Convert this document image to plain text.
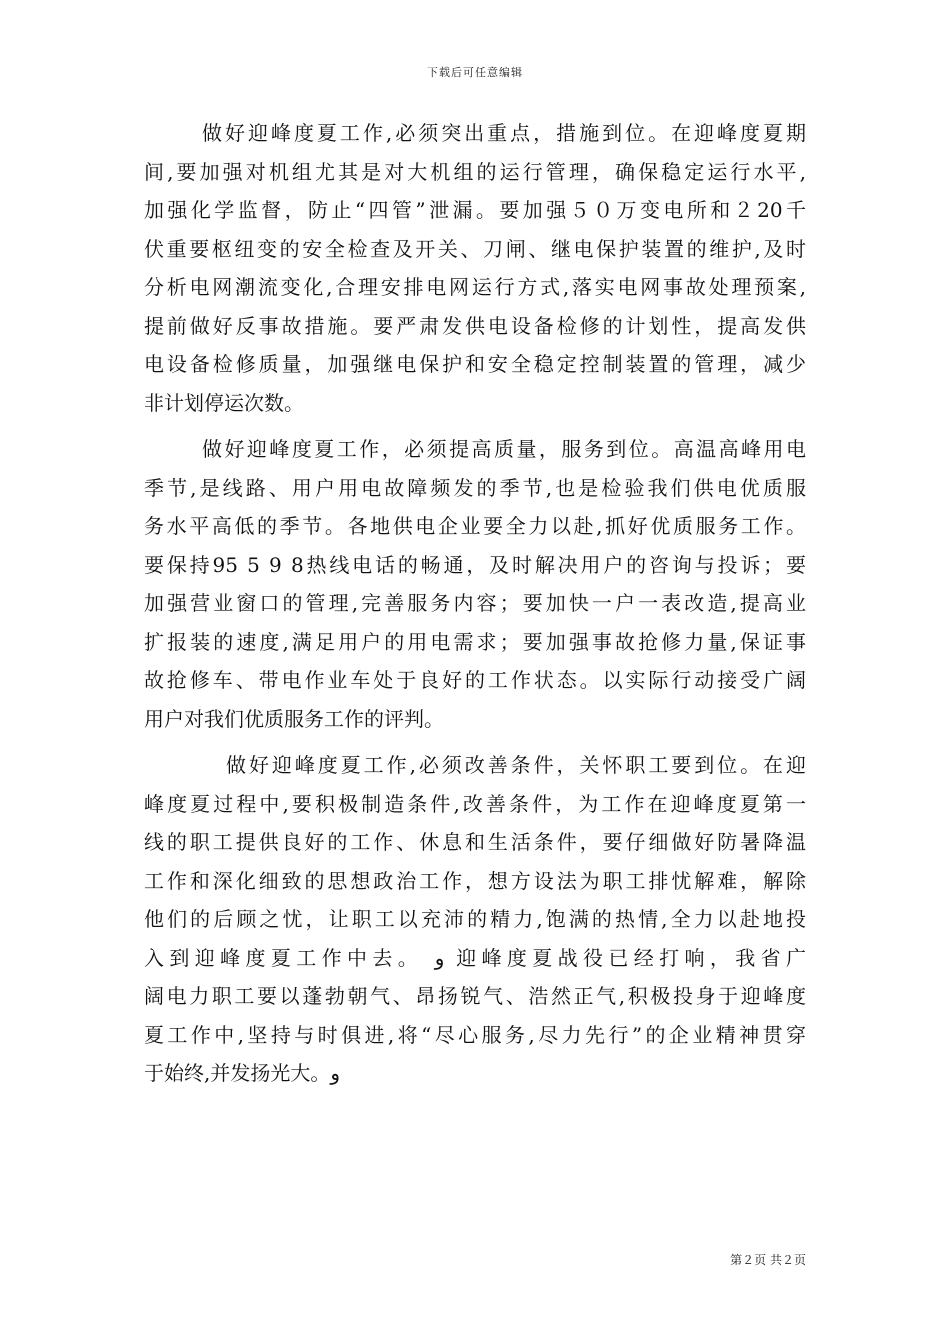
下载后可任意编辑
做好迎峰度夏工作,必须突出重点，措施到位。在迎峰度夏期
间,要加强对机组尤其是对大机组的运行管理，确保稳定运行水平,
加强化学监督，防止“四管”泄漏。要加强５０万变电所和２20千
伏重要枢纽变的安全检查及开关、刀闸、继电保护装置的维护,及时
分析电网潮流变化,合理安排电网运行方式,落实电网事故处理预案,
提前做好反事故措施。要严肃发供电设备检修的计划性，提高发供
电设备检修质量，加强继电保护和安全稳定控制装置的管理，减少
非计划停运次数。
做好迎峰度夏工作，必须提高质量，服务到位。高温高峰用电
季节,是线路、用户用电故障频发的季节,也是检验我们供电优质服
务水平高低的季节。各地供电企业要全力以赴,抓好优质服务工作。
要保持95 5 9 8热线电话的畅通，及时解决用户的咨询与投诉；要
加强营业窗口的管理,完善服务内容；要加快一户一表改造,提高业
扩报装的速度,满足用户的用电需求；要加强事故抢修力量,保证事
故抢修车、带电作业车处于良好的工作状态。以实际行动接受广阔
用户对我们优质服务工作的评判。
做好迎峰度夏工作,必须改善条件，关怀职工要到位。在迎
峰度夏过程中,要积极制造条件,改善条件，为工作在迎峰度夏第一
线的职工提供良好的工作、休息和生活条件，要仔细做好防暑降温
工作和深化细致的思想政治工作，想方设法为职工排忧解难，解除
他们的后顾之忧，让职工以充沛的精力,饱满的热情,全力以赴地投
入到迎峰度夏工作中去。 و 迎峰度夏战役已经打响，我省广
阔电力职工要以蓬勃朝气、昂扬锐气、浩然正气,积极投身于迎峰度
夏工作中,坚持与时俱进,将“尽心服务,尽力先行”的企业精神贯穿
于始终,并发扬光大。و
第２页 共２页
